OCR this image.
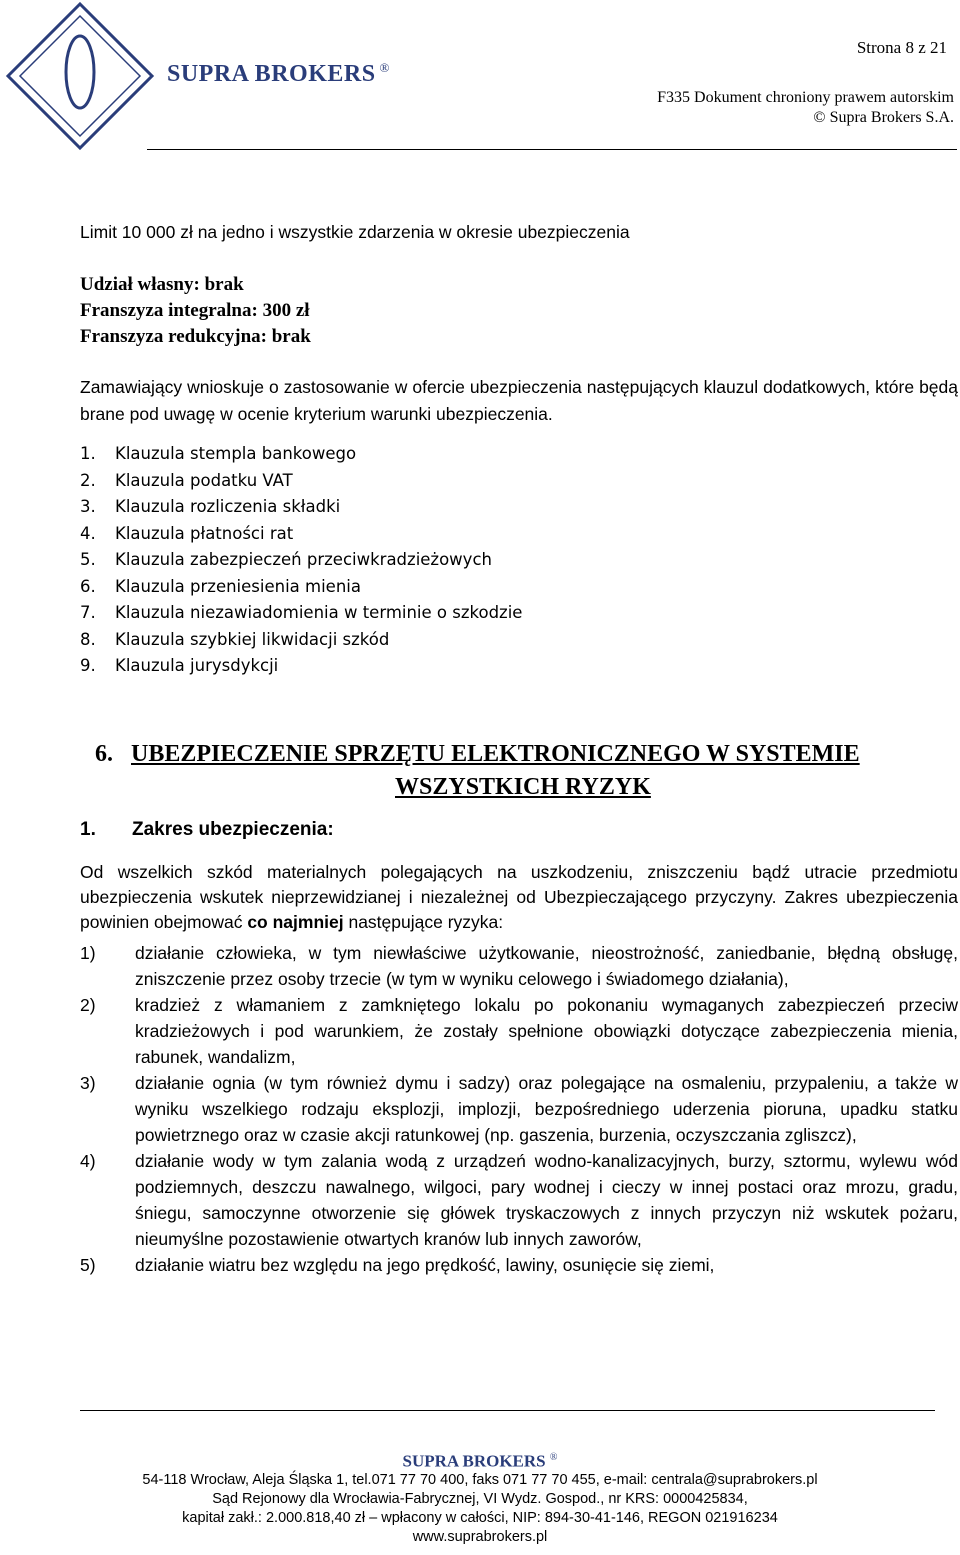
SUPRA BROKERS ®
Strona 8 z 21
F335 Dokument chroniony prawem autorskim
© Supra Brokers S.A.
Limit 10 000 zł na jedno i wszystkie zdarzenia w okresie ubezpieczenia
Udział własny: brak
Franszyza integralna: 300 zł
Franszyza redukcyjna: brak
Zamawiający wnioskuje o zastosowanie w ofercie ubezpieczenia następujących klauzul dodatkowych, które będą brane pod uwagę w ocenie kryterium warunki ubezpieczenia.
1. Klauzula stempla bankowego
2. Klauzula podatku VAT
3. Klauzula rozliczenia składki
4. Klauzula płatności rat
5. Klauzula zabezpieczeń przeciwkradzieżowych
6. Klauzula przeniesienia mienia
7. Klauzula niezawiadomienia w terminie o szkodzie
8. Klauzula szybkiej likwidacji szkód
9. Klauzula jurysdykcji
6. UBEZPIECZENIE SPRZĘTU ELEKTRONICZNEGO W SYSTEMIE
WSZYSTKICH RYZYK
1. Zakres ubezpieczenia:
Od wszelkich szkód materialnych polegających na uszkodzeniu, zniszczeniu bądź utracie przedmiotu ubezpieczenia wskutek nieprzewidzianej i niezależnej od Ubezpieczającego przyczyny. Zakres ubezpieczenia powinien obejmować co najmniej następujące ryzyka:
1) działanie człowieka, w tym niewłaściwe użytkowanie, nieostrożność, zaniedbanie, błędną obsługę, zniszczenie przez osoby trzecie (w tym w wyniku celowego i świadomego działania),
2) kradzież z włamaniem z zamkniętego lokalu po pokonaniu wymaganych zabezpieczeń przeciw kradzieżowych i pod warunkiem, że zostały spełnione obowiązki dotyczące zabezpieczenia mienia, rabunek, wandalizm,
3) działanie ognia (w tym również dymu i sadzy) oraz polegające na osmaleniu, przypaleniu, a także w wyniku wszelkiego rodzaju eksplozji, implozji, bezpośredniego uderzenia pioruna, upadku statku powietrznego oraz w czasie akcji ratunkowej (np. gaszenia, burzenia, oczyszczania zgliszcz),
4) działanie wody w tym zalania wodą z urządzeń wodno-kanalizacyjnych, burzy, sztormu, wylewu wód podziemnych, deszczu nawalnego, wilgoci, pary wodnej i cieczy w innej postaci oraz mrozu, gradu, śniegu, samoczynne otworzenie się główek tryskaczowych z innych przyczyn niż wskutek pożaru, nieumyślne pozostawienie otwartych kranów lub innych zaworów,
5) działanie wiatru bez względu na jego prędkość, lawiny, osunięcie się ziemi,
SUPRA BROKERS ®
54-118 Wrocław, Aleja Śląska 1, tel.071 77 70 400, faks 071 77 70 455, e-mail: centrala@suprabrokers.pl
Sąd Rejonowy dla Wrocławia-Fabrycznej, VI Wydz. Gospod., nr KRS: 0000425834,
kapitał zakł.: 2.000.818,40 zł – wpłacony w całości, NIP: 894-30-41-146, REGON 021916234
www.suprabrokers.pl
